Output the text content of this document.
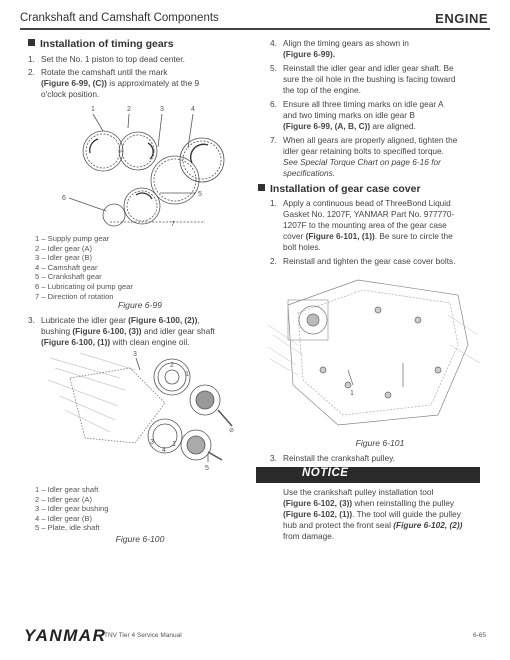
Crankshaft and Camshaft Components	ENGINE
Installation of timing gears
1. Set the No. 1 piston to top dead center.
2. Rotate the camshaft until the mark
(Figure 6-99, (C)) is approximately at the 9
o'clock position.
1	2	3	4
5
6
7
1 – Supply pump gear
2 – Idler gear (A)
3 – Idler gear (B)
4 – Camshaft gear
5 – Crankshaft gear
6 – Lubricating oil pump gear
7 – Direction of rotation
Figure 6-99
3. Lubricate the idler gear (Figure 6-100, (2)),
bushing (Figure 6-100, (3)) and idler gear shaft
(Figure 6-100, (1)) with clean engine oil.
⊘
3
2
1
3
4
1
5
1 – Idler gear shaft
2 – Idler gear (A)
3 – Idler gear bushing
4 – Idler gear (B)
5 – Plate, idle shaft
Figure 6-100
4. Align the timing gears as shown in
(Figure 6-99).
5. Reinstall the idler gear and idler gear shaft. Be
sure the oil hole in the bushing is facing toward
the top of the engine.
6. Ensure all three timing marks on idle gear A
and two timing marks on idle gear B
(Figure 6-99, (A, B, C)) are aligned.
7. When all gears are properly aligned, tighten the
idler gear retaining bolts to specified torque.
See Special Torque Chart on page 6-16 for
specifications.
Installation of gear case cover
1. Apply a continuous bead of ThreeBond Liquid
Gasket No. 1207F, YANMAR Part No. 977770-
1207F to the mounting area of the gear case
cover (Figure 6-101, (1)). Be sure to circle the
bolt holes.
2. Reinstall and tighten the gear case cover bolts.
1
Figure 6-101
3. Reinstall the crankshaft pulley.
NOTICE
Use the crankshaft pulley installation tool
(Figure 6-102, (3)) when reinstalling the pulley
(Figure 6-102, (1)). The tool will guide the pulley
hub and protect the front seal (Figure 6-102, (2))
from damage.
YANMAR
TNV Tier 4 Service Manual	6-65
